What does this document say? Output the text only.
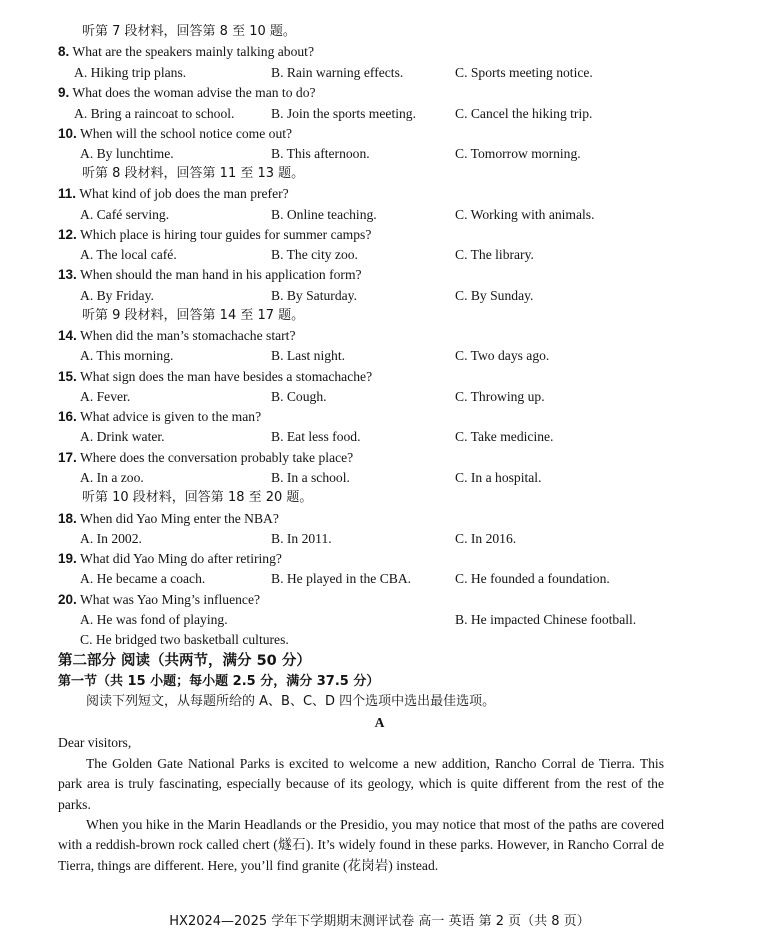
听第 7 段材料，回答第 8 至 10 题。
8. What are the speakers mainly talking about?
A. Hiking trip plans.	B. Rain warning effects.	C. Sports meeting notice.
9. What does the woman advise the man to do?
A. Bring a raincoat to school.	B. Join the sports meeting.	C. Cancel the hiking trip.
10. When will the school notice come out?
A. By lunchtime.	B. This afternoon.	C. Tomorrow morning.
听第 8 段材料，回答第 11 至 13 题。
11. What kind of job does the man prefer?
A. Café serving.	B. Online teaching.	C. Working with animals.
12. Which place is hiring tour guides for summer camps?
A. The local café.	B. The city zoo.	C. The library.
13. When should the man hand in his application form?
A. By Friday.	B. By Saturday.	C. By Sunday.
听第 9 段材料，回答第 14 至 17 题。
14. When did the man’s stomachache start?
A. This morning.	B. Last night.	C. Two days ago.
15. What sign does the man have besides a stomachache?
A. Fever.	B. Cough.	C. Throwing up.
16. What advice is given to the man?
A. Drink water.	B. Eat less food.	C. Take medicine.
17. Where does the conversation probably take place?
A. In a zoo.	B. In a school.	C. In a hospital.
听第 10 段材料，回答第 18 至 20 题。
18. When did Yao Ming enter the NBA?
A. In 2002.	B. In 2011.	C. In 2016.
19. What did Yao Ming do after retiring?
A. He became a coach.	B. He played in the CBA.	C. He founded a foundation.
20. What was Yao Ming’s influence?
A. He was fond of playing.	B. He impacted Chinese football.
C. He bridged two basketball cultures.
第二部分 阅读（共两节，满分 50 分）
第一节（共 15 小题；每小题 2.5 分，满分 37.5 分）
阅读下列短文，从每题所给的 A、B、C、D 四个选项中选出最佳选项。
A
Dear visitors,
The Golden Gate National Parks is excited to welcome a new addition, Rancho Corral de Tierra. This park area is truly fascinating, especially because of its geology, which is quite different from the rest of the parks.
When you hike in the Marin Headlands or the Presidio, you may notice that most of the paths are covered with a reddish-brown rock called chert (燧石). It’s widely found in these parks. However, in Rancho Corral de Tierra, things are different. Here, you’ll find granite (花岗岩) instead.
HX2024—2025 学年下学期期末测评试卷 高一 英语 第 2 页（共 8 页）
